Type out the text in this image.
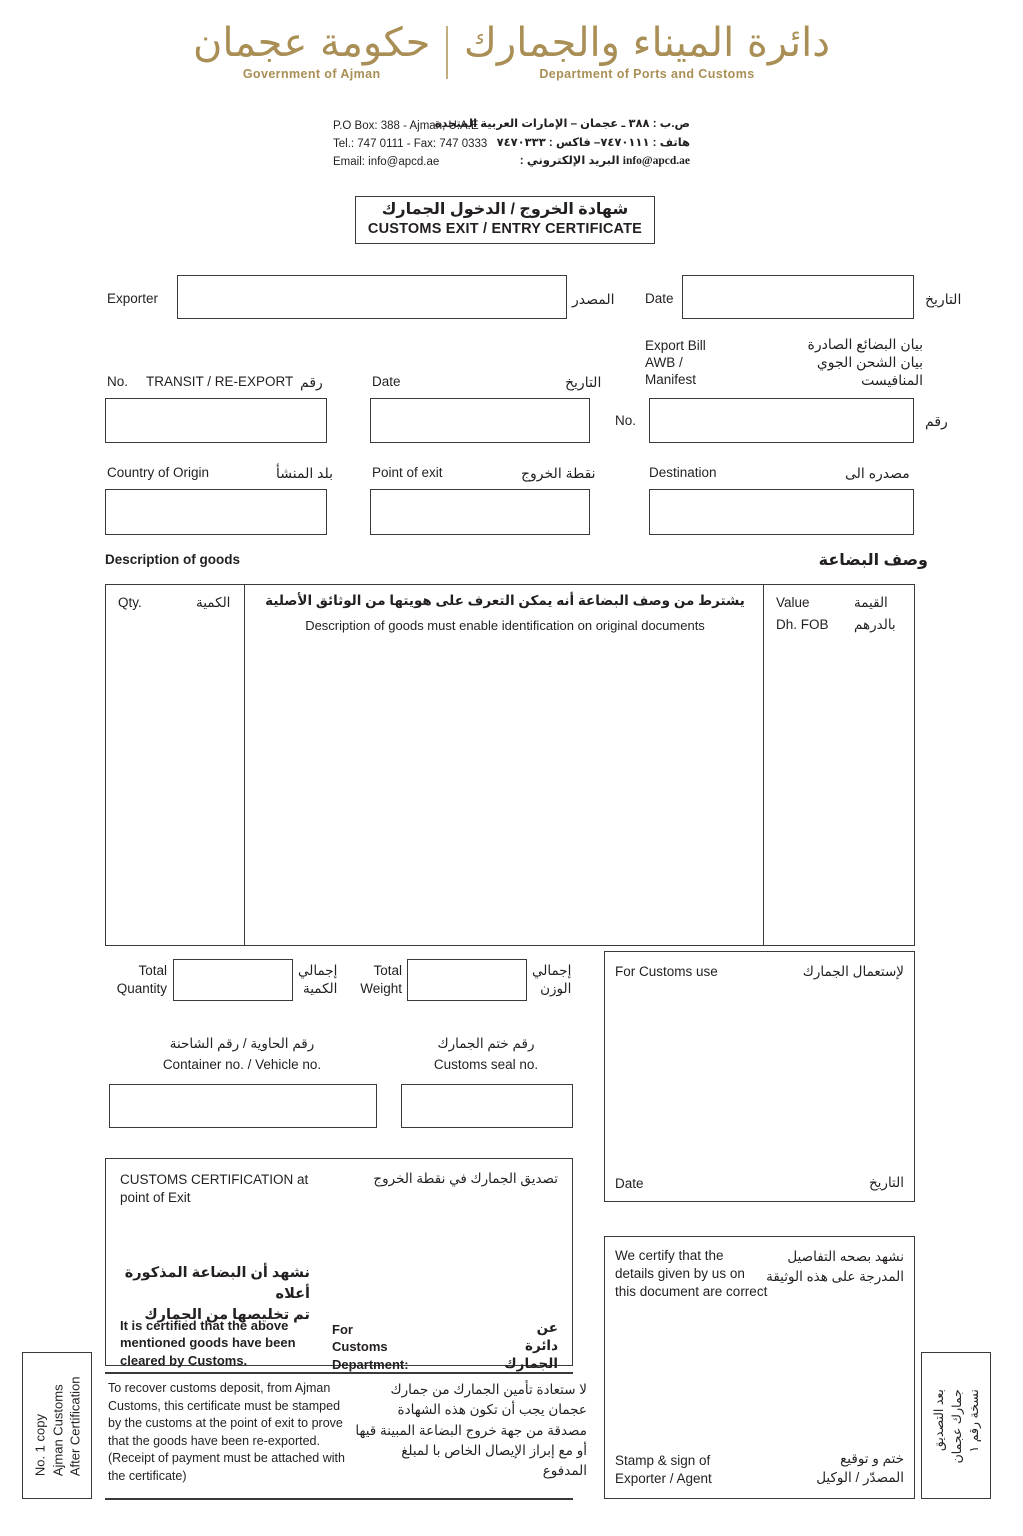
حكومة عجمان
Government of Ajman
دائرة الميناء والجمارك
Department of Ports and Customs
P.O Box: 388 - Ajman, U.A.E
Tel.: 747 0111 - Fax: 747 0333
Email: info@apcd.ae
ص.ب : ٣٨٨ ـ عجمان – الإمارات العربية المتحدة
هاتف : ٧٤٧٠١١١– فاكس : ٧٤٧٠٣٣٣
info@apcd.ae البريد الإلكتروني :
شهادة الخروج / الدخول الجمارك
CUSTOMS EXIT / ENTRY CERTIFICATE
Exporter	المصدر Date	التاريخ
Export Bill
AWB /
Manifest
بيان البضائع الصادرة
بيان الشحن الجوي
المنافيست
No. TRANSIT / RE-EXPORT رقم	Date	التاريخ
No.	رقم
Country of Origin	بلد المنشأ	Point of exit	نقطة الخروج	Destination	مصدره الى
Description of goods	وصف البضاعة
Qty.	الكمية	يشترط من وصف البضاعة أنه يمكن التعرف على هويتها من الوثائق الأصلية
Description of goods must enable identification on original documents
Value
Dh. FOB
القيمة
بالدرهم
Total
Quantity
إجمالي
الكمية
Total
Weight
إجمالي
الوزن
رقم الحاوية / رقم الشاحنة
Container no. / Vehicle no.
رقم ختم الجمارك
Customs seal no.
For Customs use	لإستعمال الجمارك
Date	التاريخ
CUSTOMS CERTIFICATION at
point of Exit
تصديق الجمارك في نقطة الخروج
نشهد أن البضاعة المذكورة أعلاه
تم تخليصها من الجمارك
It is certified that the above
mentioned goods have been
cleared by Customs.
For
Customs
Department:
عن
دائرة
الجمارك
To recover customs deposit, from Ajman Customs, this certificate must be stamped by the customs at the point of exit to prove that the goods have been re-exported. (Receipt of payment must be attached with the certificate)
لا ستعادة تأمين الجمارك من جمارك عجمان يجب أن تكون هذه الشهادة مصدقة من جهة خروج البضاعة المبينة قيها أو مع إبراز الإيصال الخاص با لمبلغ المدفوع
We certify that the
details given by us on
this document are correct
نشهد بصحه التفاصيل
المدرجة على هذه الوثيقة
Stamp & sign of
Exporter / Agent
ختم و توقيع
المصدّر / الوكيل
No. 1 copy Ajman Customs After Certification	بعد التصديق جمارك عجمان نسخة رقم ١
